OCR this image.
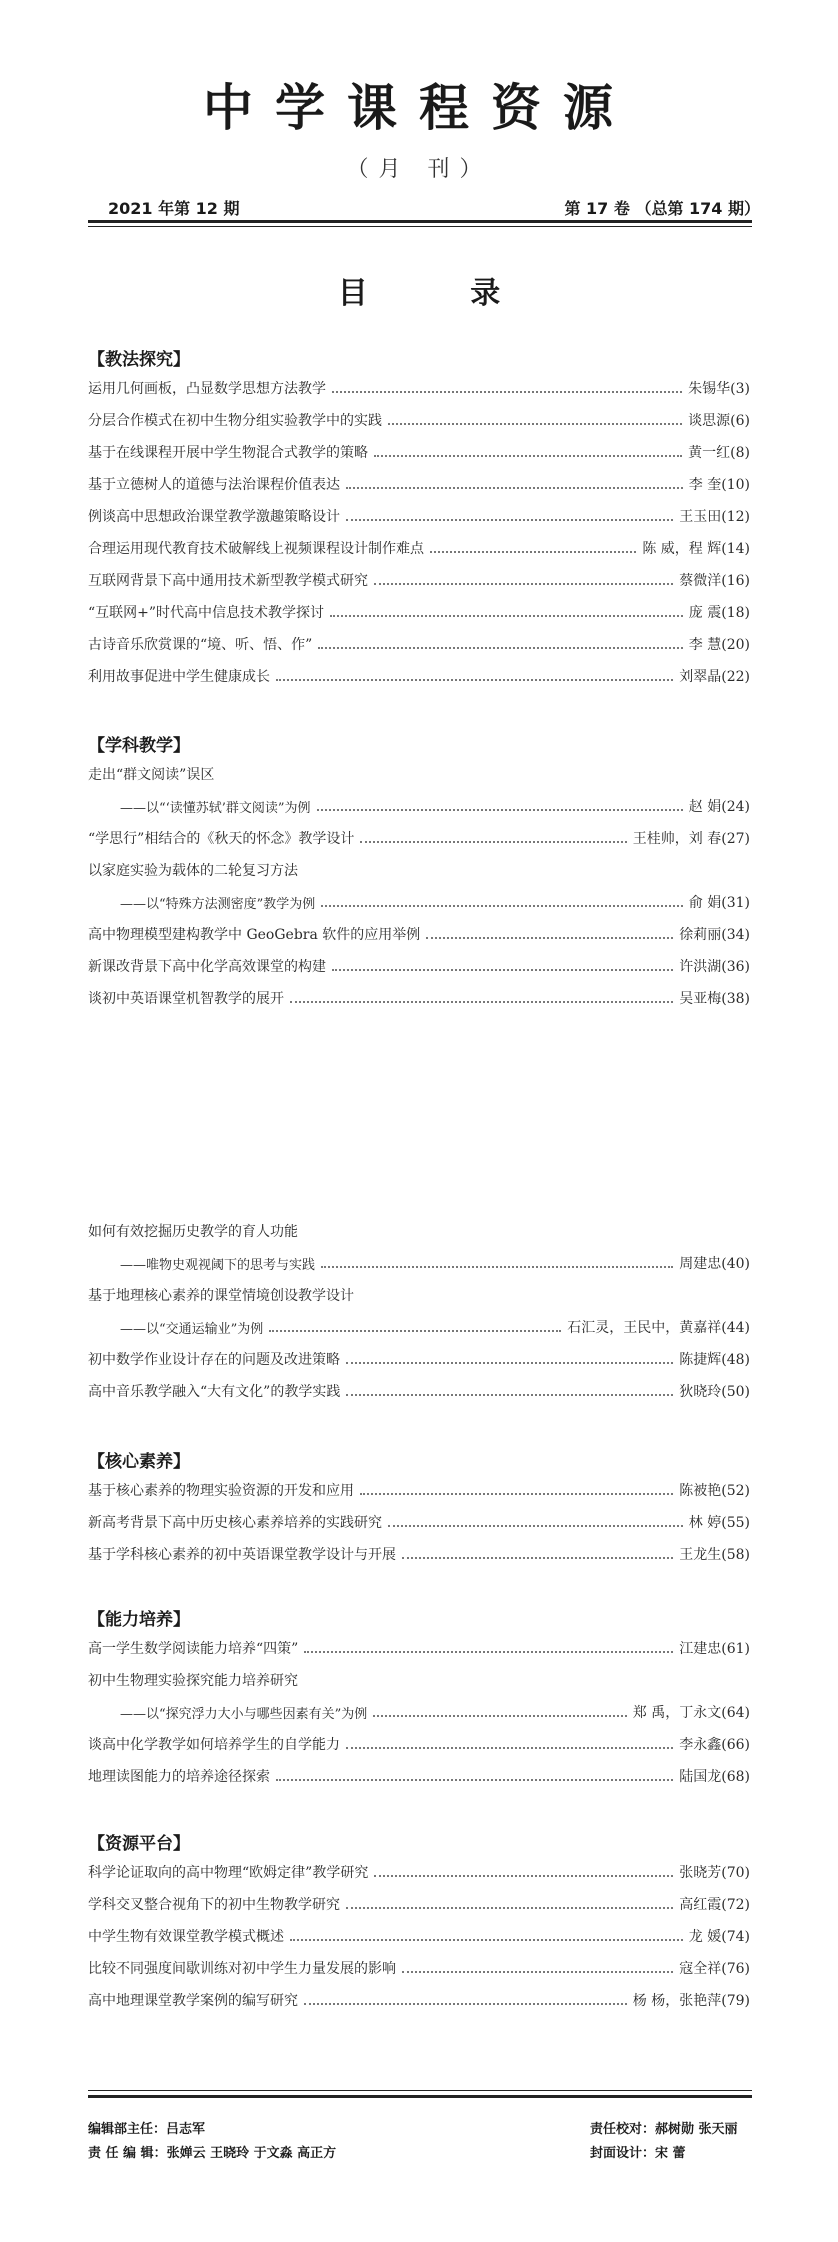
中学课程资源
（月 刊）
2021 年第 12 期	第 17 卷 （总第 174 期）
目 录
【教法探究】
运用几何画板，凸显数学思想方法教学	朱锡华(3)
分层合作模式在初中生物分组实验教学中的实践	谈思源(6)
基于在线课程开展中学生物混合式教学的策略	黄一红(8)
基于立德树人的道德与法治课程价值表达	李 奎(10)
例谈高中思想政治课堂教学激趣策略设计	王玉田(12)
合理运用现代教育技术破解线上视频课程设计制作难点	陈 威，程 辉(14)
互联网背景下高中通用技术新型教学模式研究	蔡微洋(16)
“互联网+”时代高中信息技术教学探讨	庞 震(18)
古诗音乐欣赏课的“境、听、悟、作”	李 慧(20)
利用故事促进中学生健康成长	刘翠晶(22)
【学科教学】
走出“群文阅读”误区
——以“‘读懂苏轼’群文阅读”为例	赵 娟(24)
“学思行”相结合的《秋天的怀念》教学设计	王桂帅，刘 春(27)
以家庭实验为载体的二轮复习方法
——以“特殊方法测密度”教学为例	俞 娟(31)
高中物理模型建构教学中 GeoGebra 软件的应用举例	徐莉丽(34)
新课改背景下高中化学高效课堂的构建	许洪湖(36)
谈初中英语课堂机智教学的展开	吴亚梅(38)
如何有效挖掘历史教学的育人功能
——唯物史观视阈下的思考与实践	周建忠(40)
基于地理核心素养的课堂情境创设教学设计
——以“交通运输业”为例	石汇灵，王民中，黄嘉祥(44)
初中数学作业设计存在的问题及改进策略	陈捷辉(48)
高中音乐教学融入“大有文化”的教学实践	狄晓玲(50)
【核心素养】
基于核心素养的物理实验资源的开发和应用	陈被艳(52)
新高考背景下高中历史核心素养培养的实践研究	林 婷(55)
基于学科核心素养的初中英语课堂教学设计与开展	王龙生(58)
【能力培养】
高一学生数学阅读能力培养“四策”	江建忠(61)
初中生物理实验探究能力培养研究
——以“探究浮力大小与哪些因素有关”为例	郑 禹，丁永文(64)
谈高中化学教学如何培养学生的自学能力	李永鑫(66)
地理读图能力的培养途径探索	陆国龙(68)
【资源平台】
科学论证取向的高中物理“欧姆定律”教学研究	张晓芳(70)
学科交叉整合视角下的初中生物教学研究	高红霞(72)
中学生物有效课堂教学模式概述	龙 媛(74)
比较不同强度间歇训练对初中学生力量发展的影响	寇全祥(76)
高中地理课堂教学案例的编写研究	杨 杨，张艳萍(79)
编辑部主任：吕志军
责 任 编 辑：张婵云 王晓玲 于文淼 高正方
责任校对：郝树勋 张天丽
封面设计：宋 蕾
